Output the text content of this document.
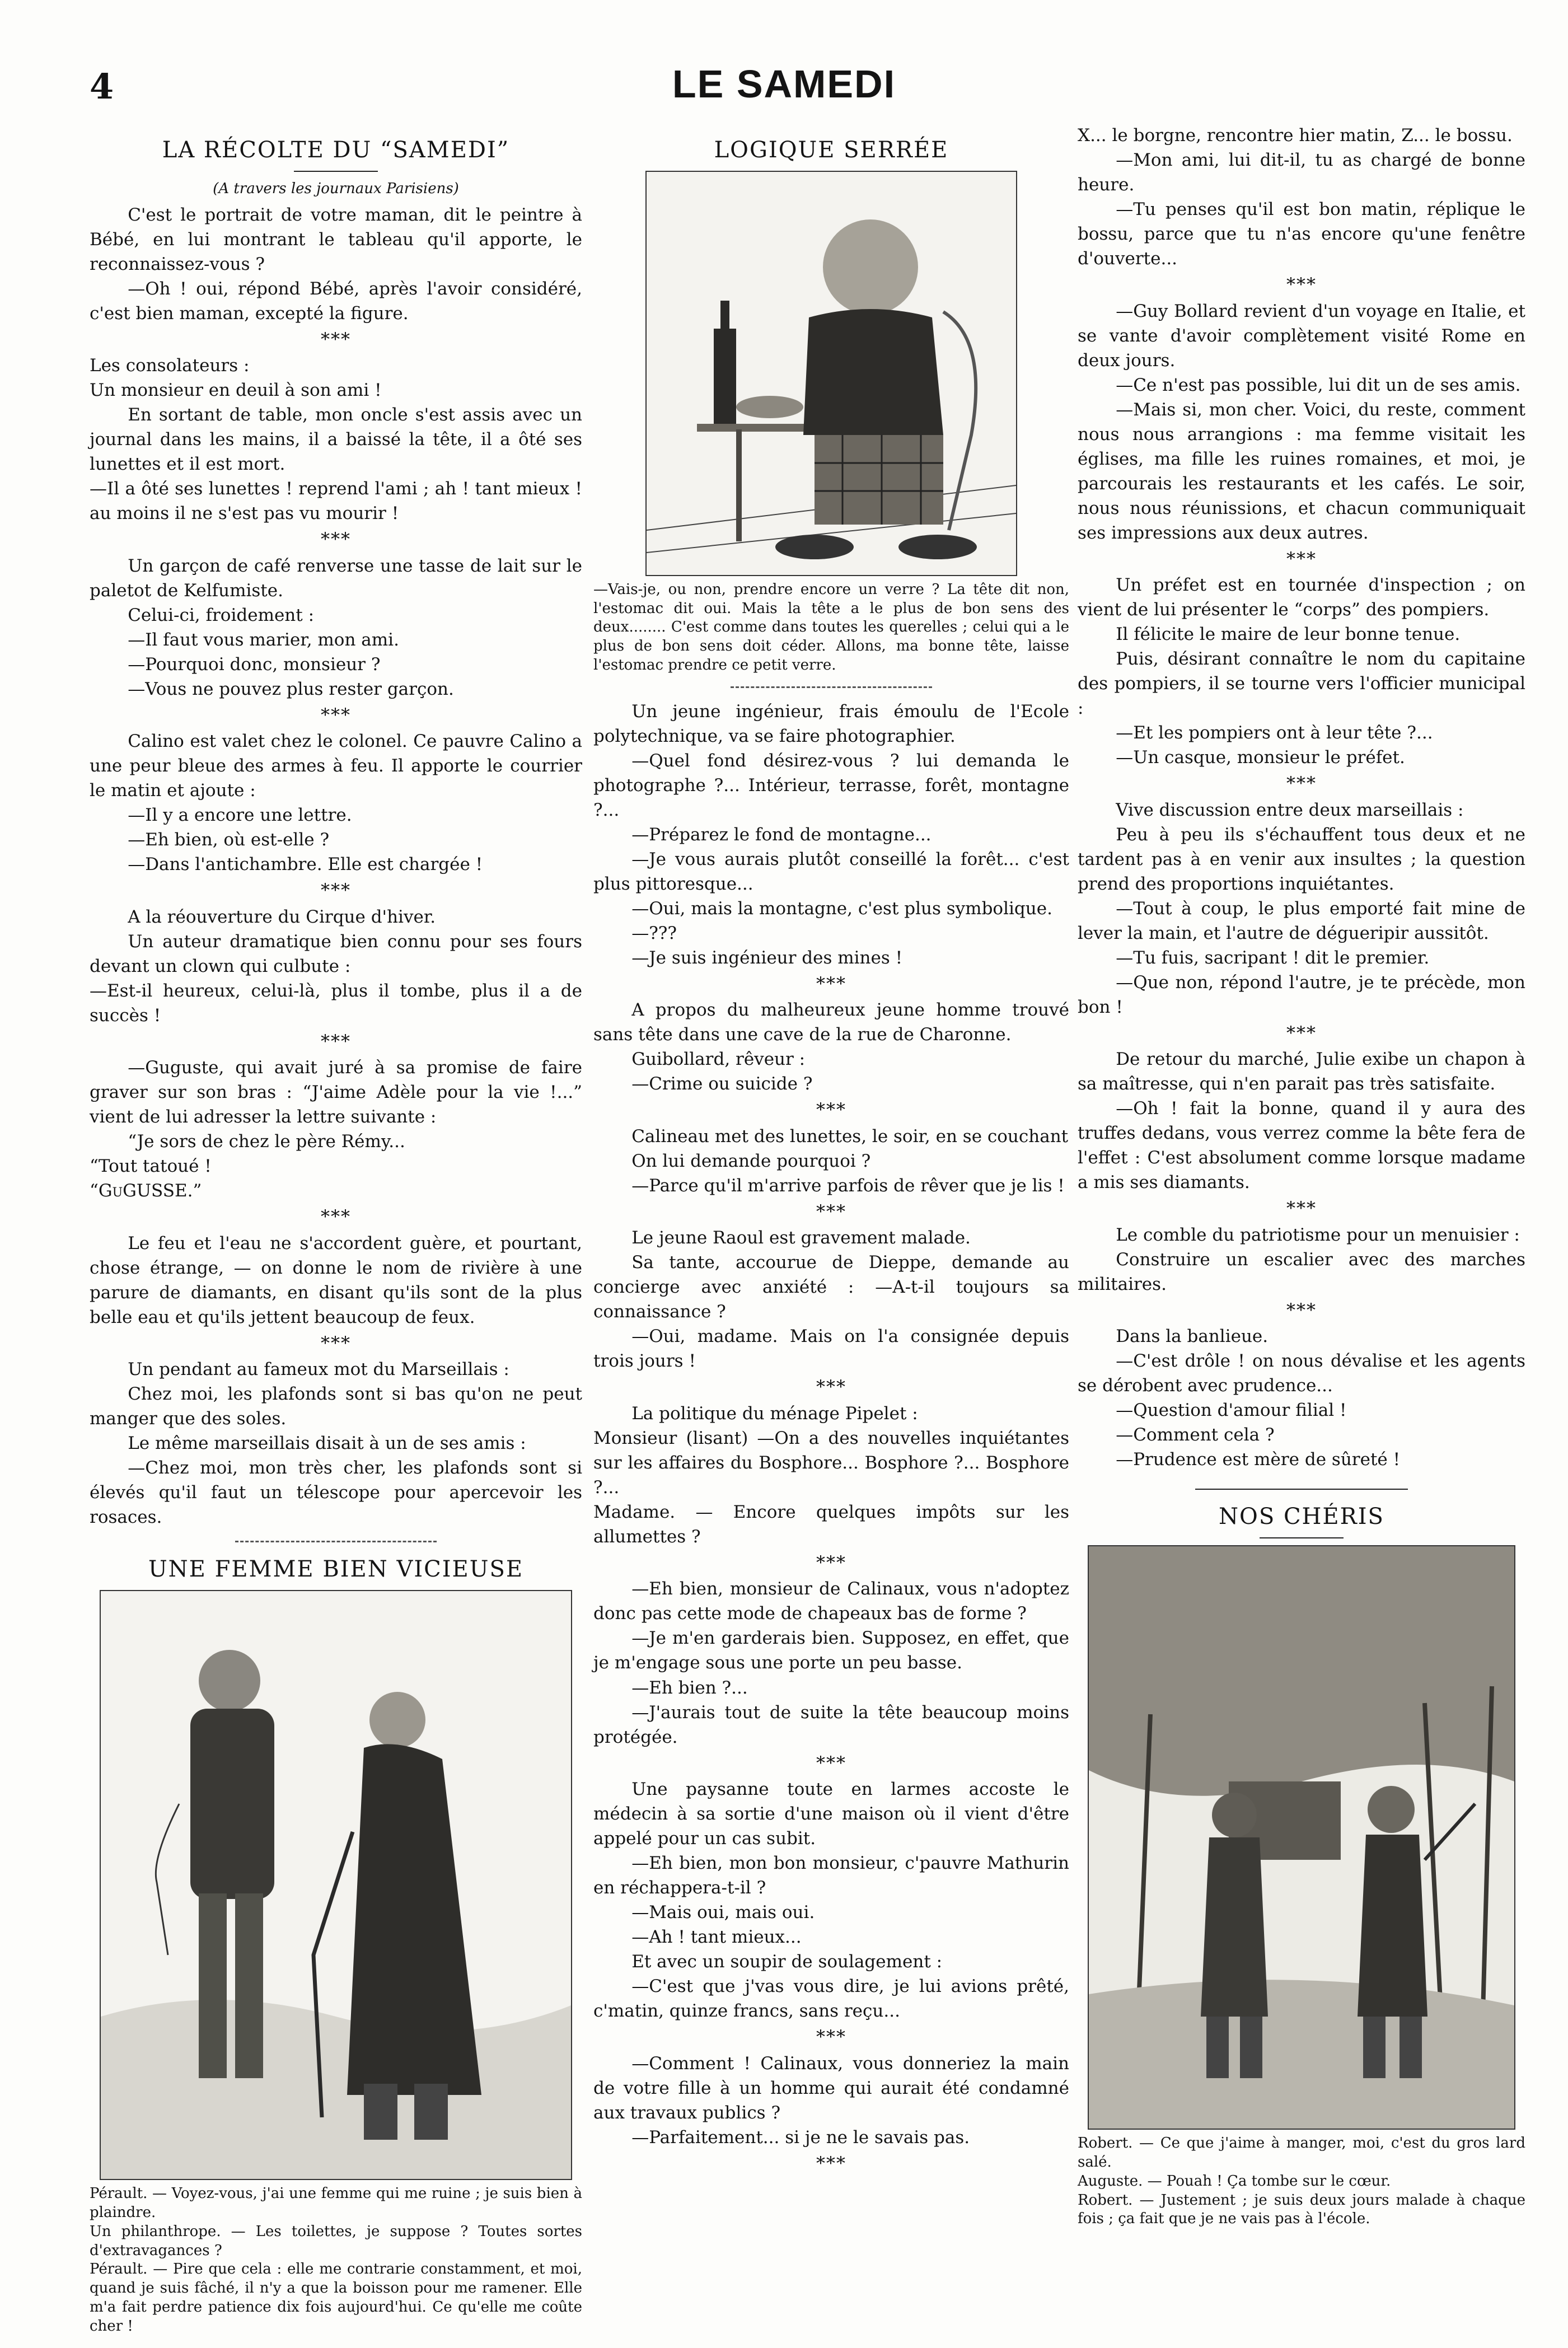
4	LE SAMEDI
LA RÉCOLTE DU “SAMEDI”
(A travers les journaux Parisiens)

C'est le portrait de votre maman, dit le peintre à Bébé, en lui montrant le tableau qu'il apporte, le reconnaissez-vous ?

—Oh ! oui, répond Bébé, après l'avoir considéré, c'est bien maman, excepté la figure.

***

Les consolateurs :

Un monsieur en deuil à son ami !

En sortant de table, mon oncle s'est assis avec un journal dans les mains, il a baissé la tête, il a ôté ses lunettes et il est mort.

—Il a ôté ses lunettes ! reprend l'ami ; ah ! tant mieux ! au moins il ne s'est pas vu mourir !

***

Un garçon de café renverse une tasse de lait sur le paletot de Kelfumiste.

Celui-ci, froidement :

—Il faut vous marier, mon ami.

—Pourquoi donc, monsieur ?

—Vous ne pouvez plus rester garçon.

***

Calino est valet chez le colonel. Ce pauvre Calino a une peur bleue des armes à feu. Il apporte le courrier le matin et ajoute :

—Il y a encore une lettre.

—Eh bien, où est-elle ?

—Dans l'antichambre. Elle est chargée !

***

A la réouverture du Cirque d'hiver.

Un auteur dramatique bien connu pour ses fours devant un clown qui culbute :

—Est-il heureux, celui-là, plus il tombe, plus il a de succès !

***

—Guguste, qui avait juré à sa promise de faire graver sur son bras : “J'aime Adèle pour la vie !...” vient de lui adresser la lettre suivante :

“Je sors de chez le père Rémy...

“Tout tatoué !

“GuGUSSE.”

***

Le feu et l'eau ne s'accordent guère, et pourtant, chose étrange, — on donne le nom de rivière à une parure de diamants, en disant qu'ils sont de la plus belle eau et qu'ils jettent beaucoup de feux.

***

Un pendant au fameux mot du Marseillais :

Chez moi, les plafonds sont si bas qu'on ne peut manger que des soles.

Le même marseillais disait à un de ses amis :

—Chez moi, mon très cher, les plafonds sont si élevés qu'il faut un télescope pour apercevoir les rosaces.

UNE FEMME BIEN VICIEUSE
Pérault. — Voyez-vous, j'ai une femme qui me ruine ; je suis bien à plaindre.
Un philanthrope. — Les toilettes, je suppose ? Toutes sortes d'extravagances ?
Pérault. — Pire que cela : elle me contrarie constamment, et moi, quand je suis fâché, il n'y a que la boisson pour me ramener. Elle m'a fait perdre patience dix fois aujourd'hui. Ce qu'elle me coûte cher !
LOGIQUE SERRÉE
—Vais-je, ou non, prendre encore un verre ? La tête dit non, l'estomac dit oui. Mais la tête a le plus de bon sens des deux........ C'est comme dans toutes les querelles ; celui qui a le plus de bon sens doit céder. Allons, ma bonne tête, laisse l'estomac prendre ce petit verre.

Un jeune ingénieur, frais émoulu de l'Ecole polytechnique, va se faire photographier.

—Quel fond désirez-vous ? lui demanda le photographe ?... Intérieur, terrasse, forêt, montagne ?...

—Préparez le fond de montagne...

—Je vous aurais plutôt conseillé la forêt... c'est plus pittoresque...

—Oui, mais la montagne, c'est plus symbolique.

—???

—Je suis ingénieur des mines !

***

A propos du malheureux jeune homme trouvé sans tête dans une cave de la rue de Charonne.

Guibollard, rêveur :

—Crime ou suicide ?

***

Calineau met des lunettes, le soir, en se couchant

On lui demande pourquoi ?

—Parce qu'il m'arrive parfois de rêver que je lis !

***

Le jeune Raoul est gravement malade.

Sa tante, accourue de Dieppe, demande au concierge avec anxiété : —A-t-il toujours sa connaissance ?

—Oui, madame. Mais on l'a consignée depuis trois jours !

***

La politique du ménage Pipelet :

Monsieur (lisant) —On a des nouvelles inquiétantes sur les affaires du Bosphore... Bosphore ?... Bosphore ?...

Madame. — Encore quelques impôts sur les allumettes ?

***

—Eh bien, monsieur de Calinaux, vous n'adoptez donc pas cette mode de chapeaux bas de forme ?

—Je m'en garderais bien. Supposez, en effet, que je m'engage sous une porte un peu basse.

—Eh bien ?...

—J'aurais tout de suite la tête beaucoup moins protégée.

***

Une paysanne toute en larmes accoste le médecin à sa sortie d'une maison où il vient d'être appelé pour un cas subit.

—Eh bien, mon bon monsieur, c'pauvre Mathurin en réchappera-t-il ?

—Mais oui, mais oui.

—Ah ! tant mieux...

Et avec un soupir de soulagement :

—C'est que j'vas vous dire, je lui avions prêté, c'matin, quinze francs, sans reçu...

***

—Comment ! Calinaux, vous donneriez la main de votre fille à un homme qui aurait été condamné aux travaux publics ?

—Parfaitement... si je ne le savais pas.

***

X... le borgne, rencontre hier matin, Z... le bossu.

—Mon ami, lui dit-il, tu as chargé de bonne heure.

—Tu penses qu'il est bon matin, réplique le bossu, parce que tu n'as encore qu'une fenêtre d'ouverte...

***

—Guy Bollard revient d'un voyage en Italie, et se vante d'avoir complètement visité Rome en deux jours.

—Ce n'est pas possible, lui dit un de ses amis.

—Mais si, mon cher. Voici, du reste, comment nous nous arrangions : ma femme visitait les églises, ma fille les ruines romaines, et moi, je parcourais les restaurants et les cafés. Le soir, nous nous réunissions, et chacun communiquait ses impressions aux deux autres.

***

Un préfet est en tournée d'inspection ; on vient de lui présenter le “corps” des pompiers.

Il félicite le maire de leur bonne tenue.

Puis, désirant connaître le nom du capitaine des pompiers, il se tourne vers l'officier municipal :

—Et les pompiers ont à leur tête ?...

—Un casque, monsieur le préfet.

***

Vive discussion entre deux marseillais :

Peu à peu ils s'échauffent tous deux et ne tardent pas à en venir aux insultes ; la question prend des proportions inquiétantes.

—Tout à coup, le plus emporté fait mine de lever la main, et l'autre de dégueripir aussitôt.

—Tu fuis, sacripant ! dit le premier.

—Que non, répond l'autre, je te précède, mon bon !

***

De retour du marché, Julie exibe un chapon à sa maîtresse, qui n'en parait pas très satisfaite.

—Oh ! fait la bonne, quand il y aura des truffes dedans, vous verrez comme la bête fera de l'effet : C'est absolument comme lorsque madame a mis ses diamants.

***

Le comble du patriotisme pour un menuisier :

Construire un escalier avec des marches militaires.

***

Dans la banlieue.

—C'est drôle ! on nous dévalise et les agents se dérobent avec prudence...

—Question d'amour filial !

—Comment cela ?

—Prudence est mère de sûreté !

NOS CHÉRIS
Robert. — Ce que j'aime à manger, moi, c'est du gros lard salé.
Auguste. — Pouah ! Ça tombe sur le cœur.
Robert. — Justement ; je suis deux jours malade à chaque fois ; ça fait que je ne vais pas à l'école.
